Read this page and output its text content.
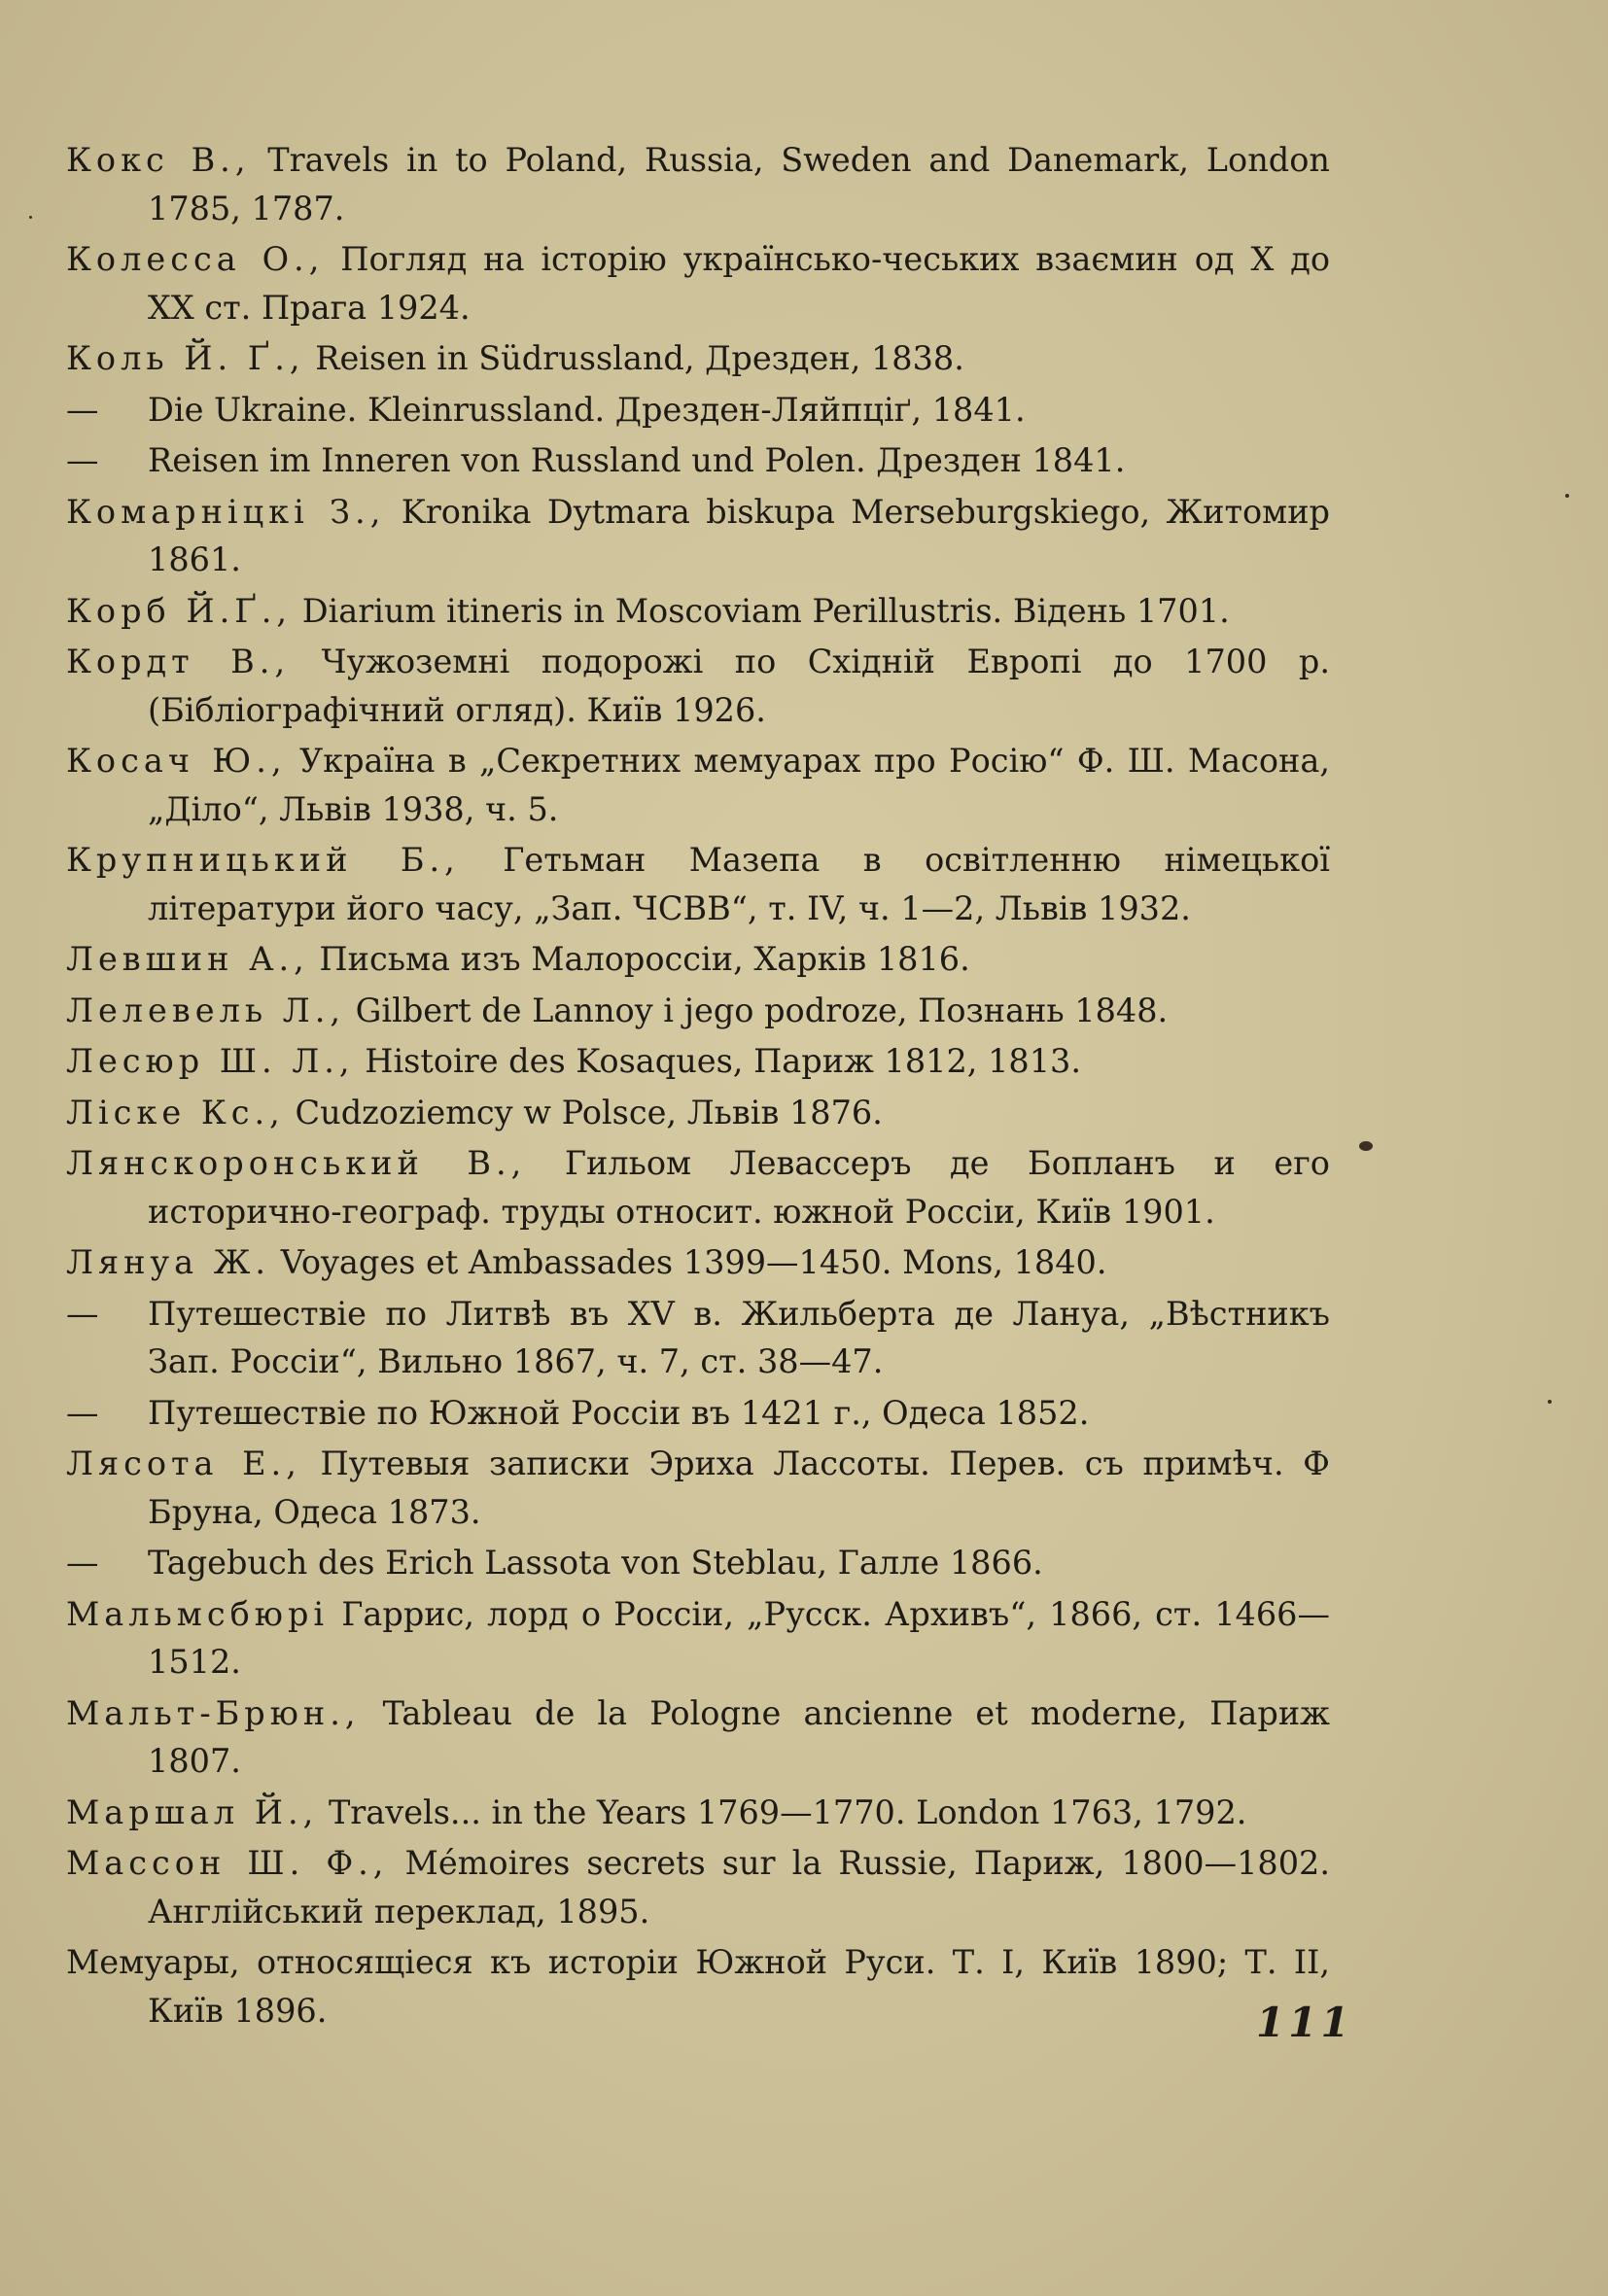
Кокс В., Travels in to Poland, Russia, Sweden and Danemark, London 1785, 1787.
Колесса О., Погляд на історію українсько-чеських взаємин од Х до ХХ ст. Прага 1924.
Коль Й. Ґ., Reisen in Südrussland, Дрезден, 1838.
— Die Ukraine. Kleinrussland. Дрезден-Ляйпціґ, 1841.
— Reisen im Inneren von Russland und Polen. Дрезден 1841.
Комарніцкі З., Kronika Dytmara biskupa Merseburgskiego, Житомир 1861.
Корб Й.Ґ., Diarium itineris in Moscoviam Perillustris. Відень 1701.
Кордт В., Чужоземні подорожі по Східній Европі до 1700 р. (Бібліографічний огляд). Київ 1926.
Косач Ю., Україна в „Секретних мемуарах про Росію“ Ф. Ш. Масона, „Діло“, Львів 1938, ч. 5.
Крупницький Б., Гетьман Мазепа в освітленню німецької літератури його часу, „Зап. ЧСВВ“, т. IV, ч. 1—2, Львів 1932.
Левшин А., Письма изъ Малороссіи, Харків 1816.
Лелевель Л., Gilbert de Lannoy i jego podroze, Познань 1848.
Лесюр Ш. Л., Histoire des Kosaques, Париж 1812, 1813.
Ліске Кс., Cudzoziemcy w Polsce, Львів 1876.
Лянскоронський В., Гильом Левассеръ де Бопланъ и его исторично-географ. труды относит. южной Россіи, Київ 1901.
Лянуа Ж. Voyages et Ambassades 1399—1450. Mons, 1840.
— Путешествіе по Литвѣ въ XV в. Жильберта де Лануа, „Вѣстникъ Зап. Россіи“, Вильно 1867, ч. 7, ст. 38—47.
— Путешествіе по Южной Россіи въ 1421 г., Одеса 1852.
Лясота Е., Путевыя записки Эриха Лассоты. Перев. съ примѣч. Ф Бруна, Одеса 1873.
— Tagebuch des Erich Lassota von Steblau, Галле 1866.
Мальмсбюрі Гаррис, лорд о Россіи, „Русск. Архивъ“, 1866, ст. 1466—1512.
Мальт-Брюн., Tableau de la Pologne ancienne et moderne, Париж 1807.
Маршал Й., Travels... in the Years 1769—1770. London 1763, 1792.
Массон Ш. Ф., Mémoires secrets sur la Russie, Париж, 1800—1802. Англійський переклад, 1895.
Мемуары, относящіеся къ исторіи Южной Руси. Т. I, Київ 1890; Т. II, Київ 1896.	111
